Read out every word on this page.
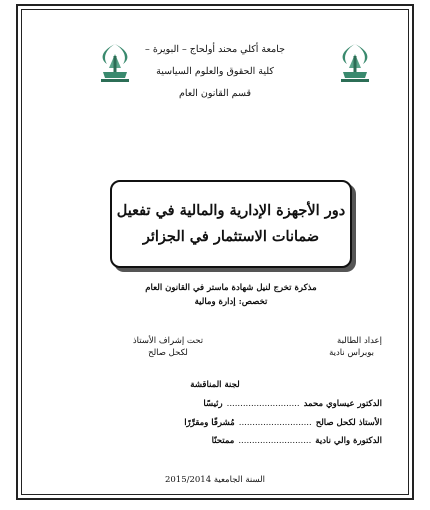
جامعة أكلي محند أولحاج – البويرة –
كلية الحقوق والعلوم السياسية
قسم القانون العام
دور الأجهزة الإدارية والمالية في تفعيل
ضمانات الاستثمار في الجزائر
مذكرة تخرج لنيل شهادة ماستر في القانون العام
تخصص: إدارة ومالية
إعداد الطالبة
بوبراس نادية
تحت إشراف الأستاذ
لكحل صالح
لجنة المناقشة
الدكتور عيساوي محمد
...........................
رئيسًا
الأستاذ لكحل صالح
...........................
مُشرفًا ومقرِّرًا
الدكتورة والي نادية
...........................
ممتحنًا
السنة الجامعية 2015/2014
